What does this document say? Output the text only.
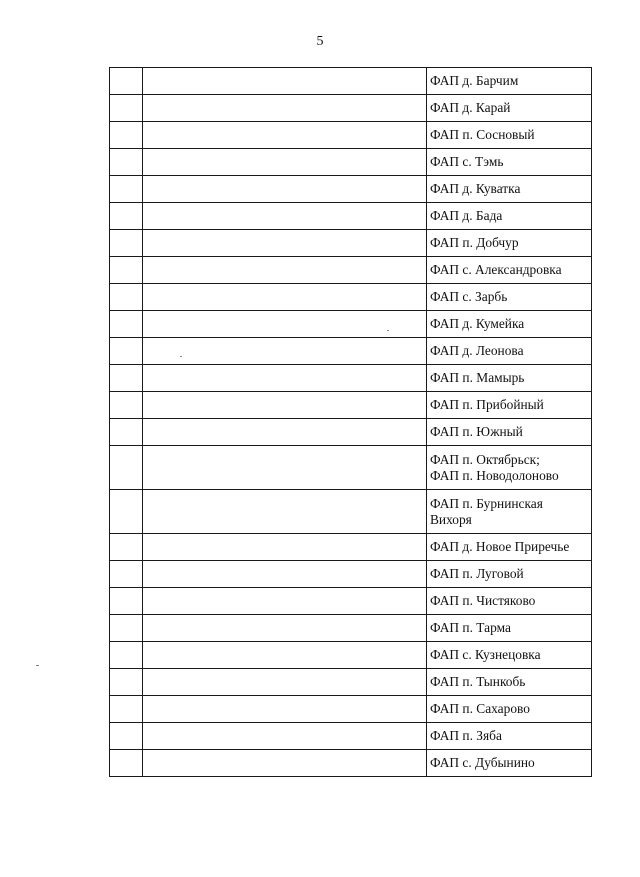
5
		ФАП д. Барчим
		ФАП д. Карай
		ФАП п. Сосновый
		ФАП с. Тэмь
		ФАП д. Куватка
		ФАП д. Бада
		ФАП п. Добчур
		ФАП с. Александровка
		ФАП с. Зарбь
		ФАП д. Кумейка
		ФАП д. Леонова
		ФАП п. Мамырь
		ФАП п. Прибойный
		ФАП п. Южный
		ФАП п. Октябрьск;
ФАП п. Новодолоново
		ФАП п. Бурнинская
Вихоря
		ФАП д. Новое Приречье
		ФАП п. Луговой
		ФАП п. Чистяково
		ФАП п. Тарма
		ФАП с. Кузнецовка
		ФАП п. Тынкобь
		ФАП п. Сахарово
		ФАП п. Зяба
		ФАП с. Дубынино
